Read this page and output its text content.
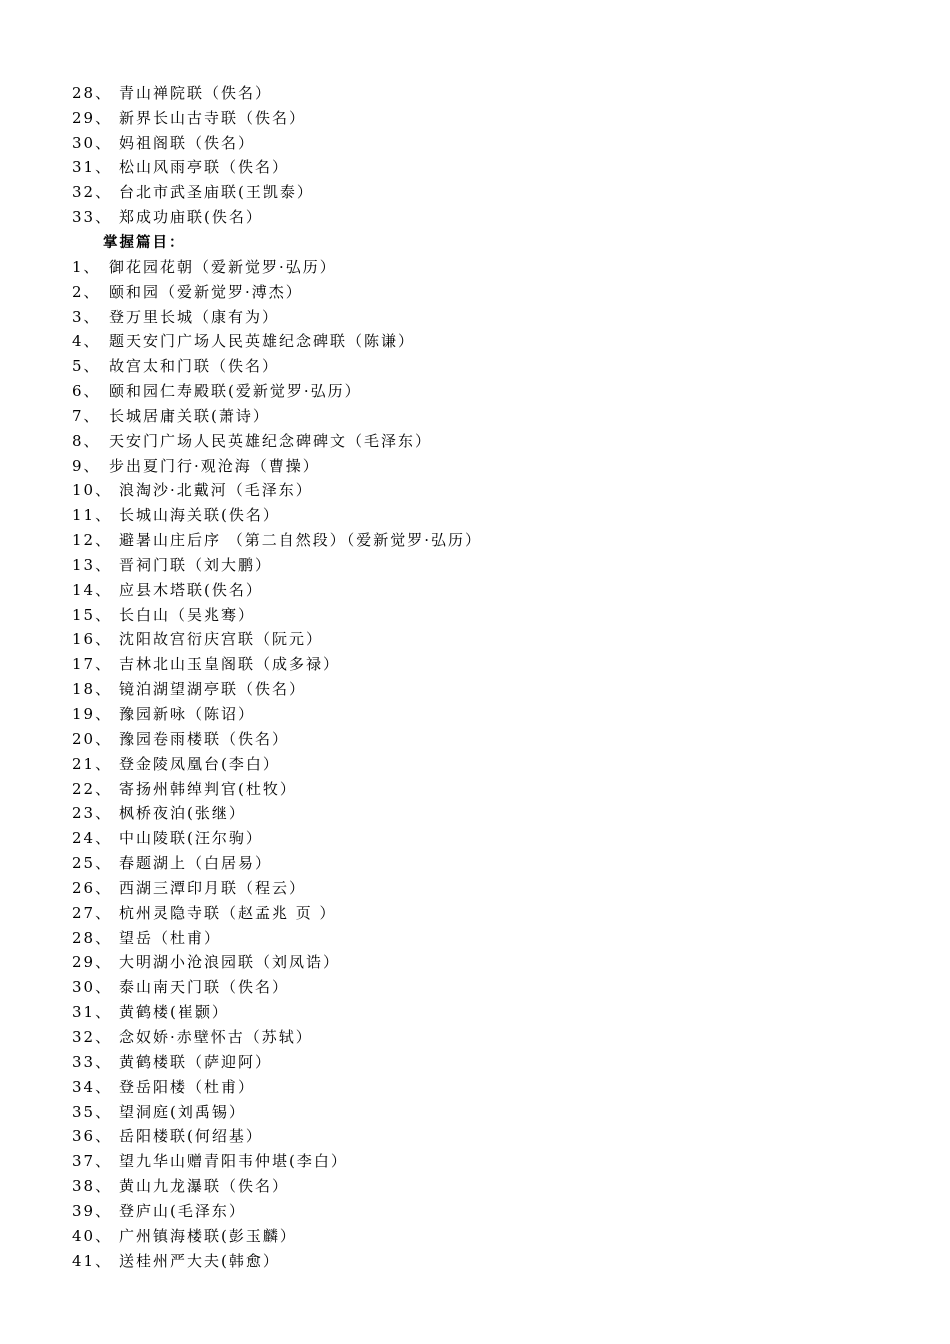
28、 青山禅院联（佚名）
29、 新界长山古寺联（佚名）
30、 妈祖阁联（佚名）
31、 松山风雨亭联（佚名）
32、 台北市武圣庙联(王凯泰）
33、 郑成功庙联(佚名）
掌握篇目：
1、 御花园花朝（爱新觉罗·弘历）
2、 颐和园（爱新觉罗·溥杰）
3、 登万里长城（康有为）
4、 题天安门广场人民英雄纪念碑联（陈谦）
5、 故宫太和门联（佚名）
6、 颐和园仁寿殿联(爱新觉罗·弘历）
7、 长城居庸关联(萧诗）
8、 天安门广场人民英雄纪念碑碑文（毛泽东）
9、 步出夏门行·观沧海（曹操）
10、 浪淘沙·北戴河（毛泽东）
11、 长城山海关联(佚名）
12、 避暑山庄后序 （第二自然段）（爱新觉罗·弘历）
13、 晋祠门联（刘大鹏）
14、 应县木塔联(佚名）
15、 长白山（吴兆骞）
16、 沈阳故宫衍庆宫联（阮元）
17、 吉林北山玉皇阁联（成多禄）
18、 镜泊湖望湖亭联（佚名）
19、 豫园新咏（陈诏）
20、 豫园卷雨楼联（佚名）
21、 登金陵凤凰台(李白）
22、 寄扬州韩绰判官(杜牧）
23、 枫桥夜泊(张继）
24、 中山陵联(汪尔驹）
25、 春题湖上（白居易）
26、 西湖三潭印月联（程云）
27、 杭州灵隐寺联（赵孟兆 页 ）
28、 望岳（杜甫）
29、 大明湖小沧浪园联（刘凤诰）
30、 泰山南天门联（佚名）
31、 黄鹤楼(崔颢）
32、 念奴娇·赤壁怀古（苏轼）
33、 黄鹤楼联（萨迎阿）
34、 登岳阳楼（杜甫）
35、 望洞庭(刘禹锡）
36、 岳阳楼联(何绍基）
37、 望九华山赠青阳韦仲堪(李白）
38、 黄山九龙瀑联（佚名）
39、 登庐山(毛泽东）
40、 广州镇海楼联(彭玉麟）
41、 送桂州严大夫(韩愈）
